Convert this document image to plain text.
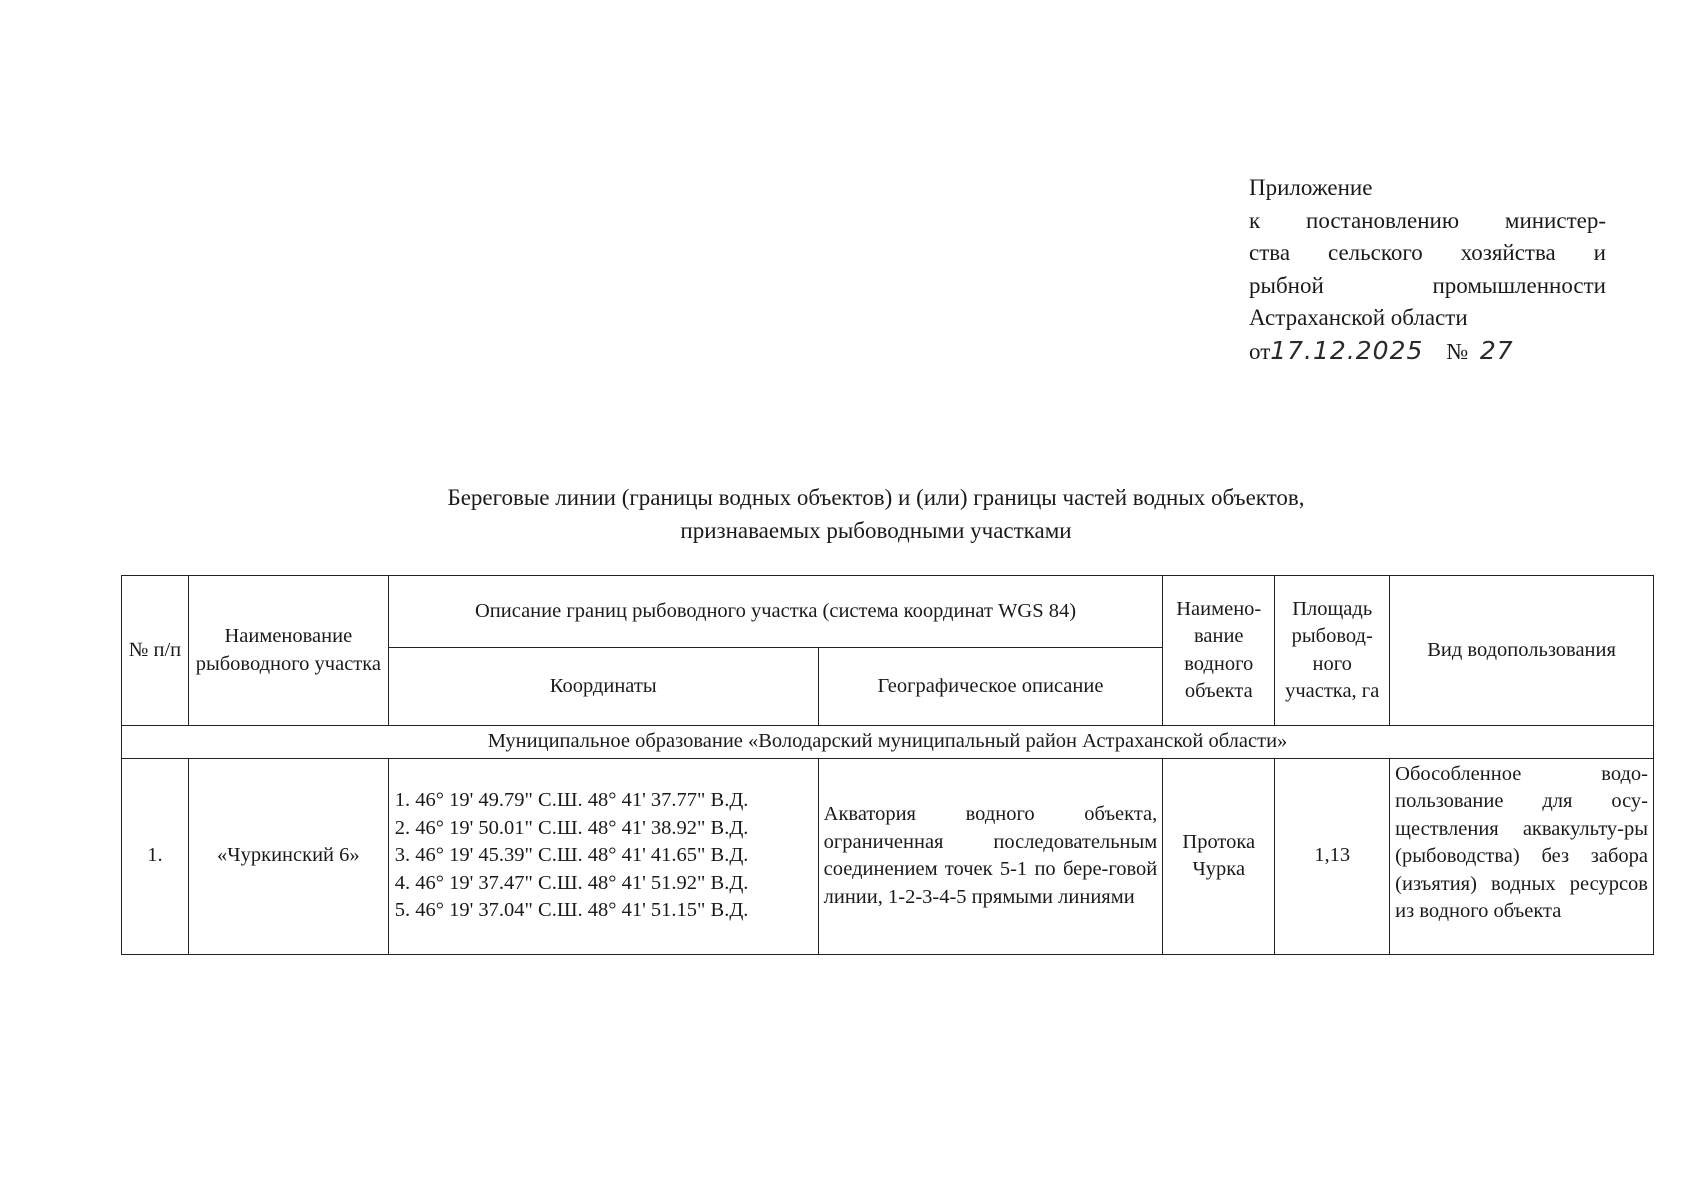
Приложение
к постановлению министер-
ства сельского хозяйства и
рыбной промышленности
Астраханской области
от17.12.2025 № 27
Береговые линии (границы водных объектов) и (или) границы частей водных объектов,
признаваемых рыбоводными участками
№ п/п	Наименование рыбоводного участка	Описание границ рыбоводного участка (система координат WGS 84)		Наимено-вание водного объекта	Площадь рыбовод-ного участка, га	Вид водопользования
		Координаты	Географическое описание			
Муниципальное образование «Володарский муниципальный район Астраханской области»						
1.	«Чуркинский 6»	1. 46° 19' 49.79" С.Ш. 48° 41' 37.77" В.Д.
2. 46° 19' 50.01" С.Ш. 48° 41' 38.92" В.Д.
3. 46° 19' 45.39" С.Ш. 48° 41' 41.65" В.Д.
4. 46° 19' 37.47" С.Ш. 48° 41' 51.92" В.Д.
5. 46° 19' 37.04" С.Ш. 48° 41' 51.15" В.Д.	Акватория водного объекта, ограниченная последовательным соединением точек 5-1 по бере-говой линии, 1-2-3-4-5 прямыми линиями	Протока Чурка	1,13	Обособленное водо-пользование для осу-ществления аквакульту-ры (рыбоводства) без забора (изъятия) водных ресурсов из водного объекта
